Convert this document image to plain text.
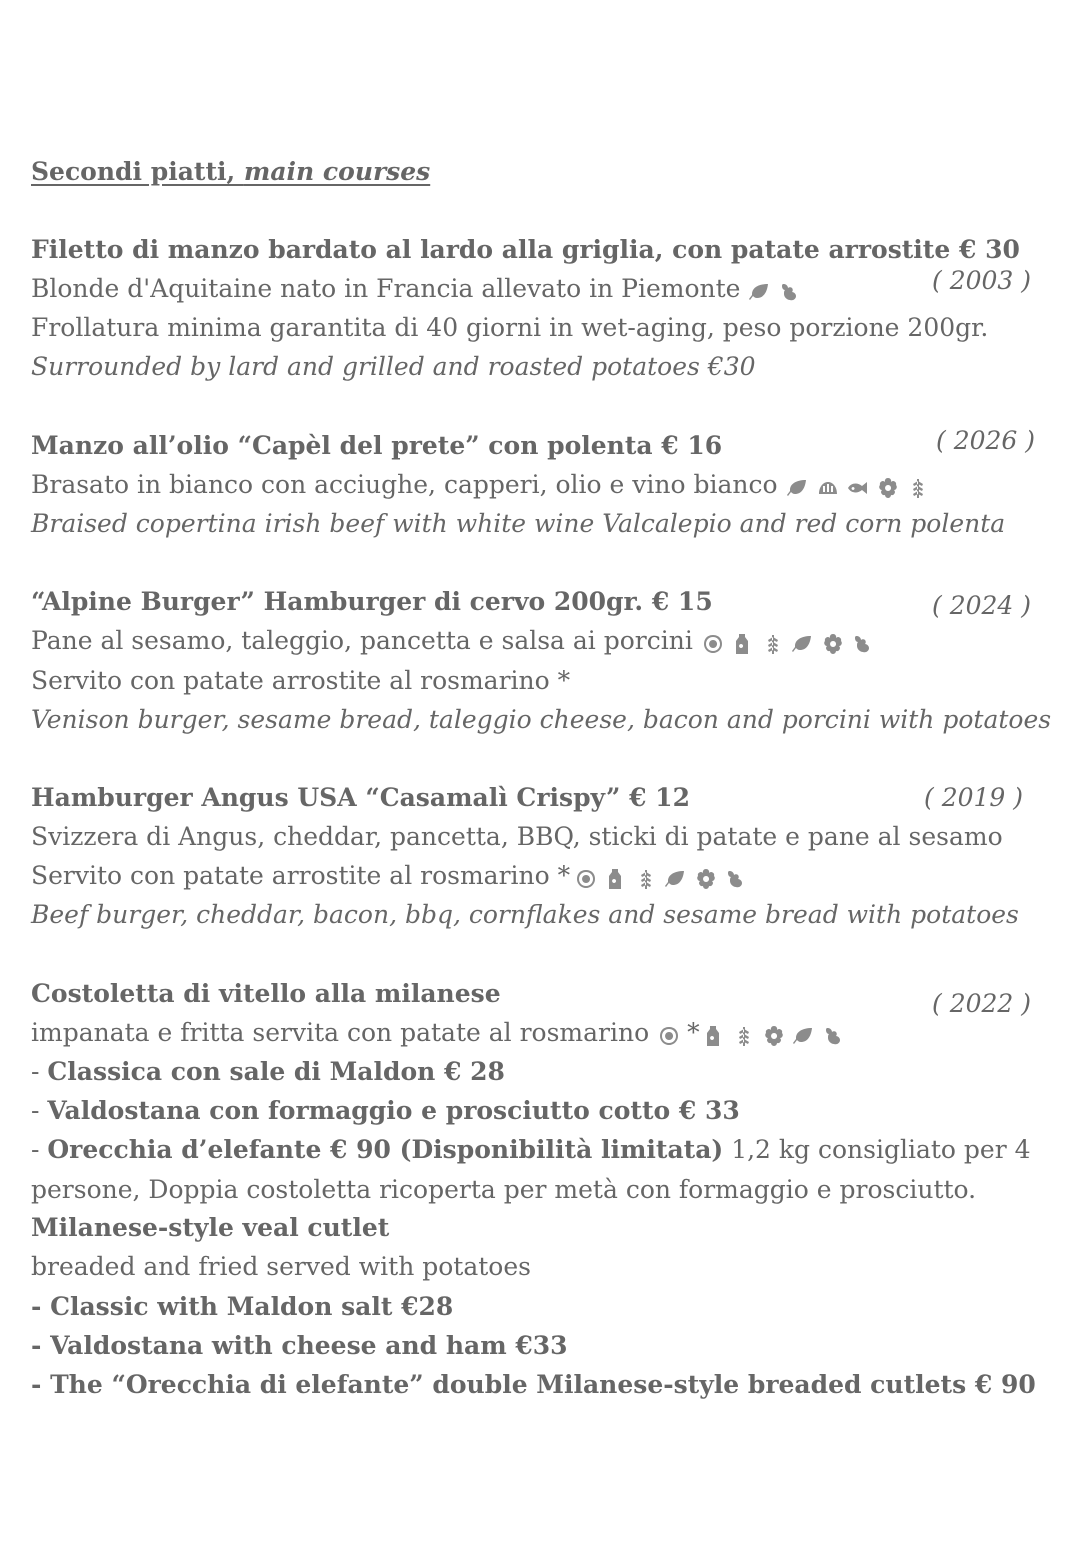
Secondi piatti, main courses
Filetto di manzo bardato al lardo alla griglia, con patate arrostite € 30
( 2003 )
Blonde d'Aquitaine nato in Francia allevato in Piemonte
Frollatura minima garantita di 40 giorni in wet-aging, peso porzione 200gr.
Surrounded by lard and grilled and roasted potatoes €30
Manzo all’olio “Capèl del prete” con polenta € 16	( 2026 )
Brasato in bianco con acciughe, capperi, olio e vino bianco
Braised copertina irish beef with white wine Valcalepio and red corn polenta
“Alpine Burger” Hamburger di cervo 200gr. € 15	( 2024 )
Pane al sesamo, taleggio, pancetta e salsa ai porcini
Servito con patate arrostite al rosmarino *
Venison burger, sesame bread, taleggio cheese, bacon and porcini with potatoes
Hamburger Angus USA “Casamalì Crispy” € 12	( 2019 )
Svizzera di Angus, cheddar, pancetta, BBQ, sticki di patate e pane al sesamo
Servito con patate arrostite al rosmarino *
Beef burger, cheddar, bacon, bbq, cornflakes and sesame bread with potatoes
Costoletta di vitello alla milanese	( 2022 )
impanata e fritta servita con patate al rosmarino *
- Classica con sale di Maldon € 28
- Valdostana con formaggio e prosciutto cotto € 33
- Orecchia d’elefante € 90 (Disponibilità limitata) 1,2 kg consigliato per 4
persone, Doppia costoletta ricoperta per metà con formaggio e prosciutto.
Milanese-style veal cutlet
breaded and fried served with potatoes
- Classic with Maldon salt €28
- Valdostana with cheese and ham €33
- The “Orecchia di elefante” double Milanese-style breaded cutlets € 90
